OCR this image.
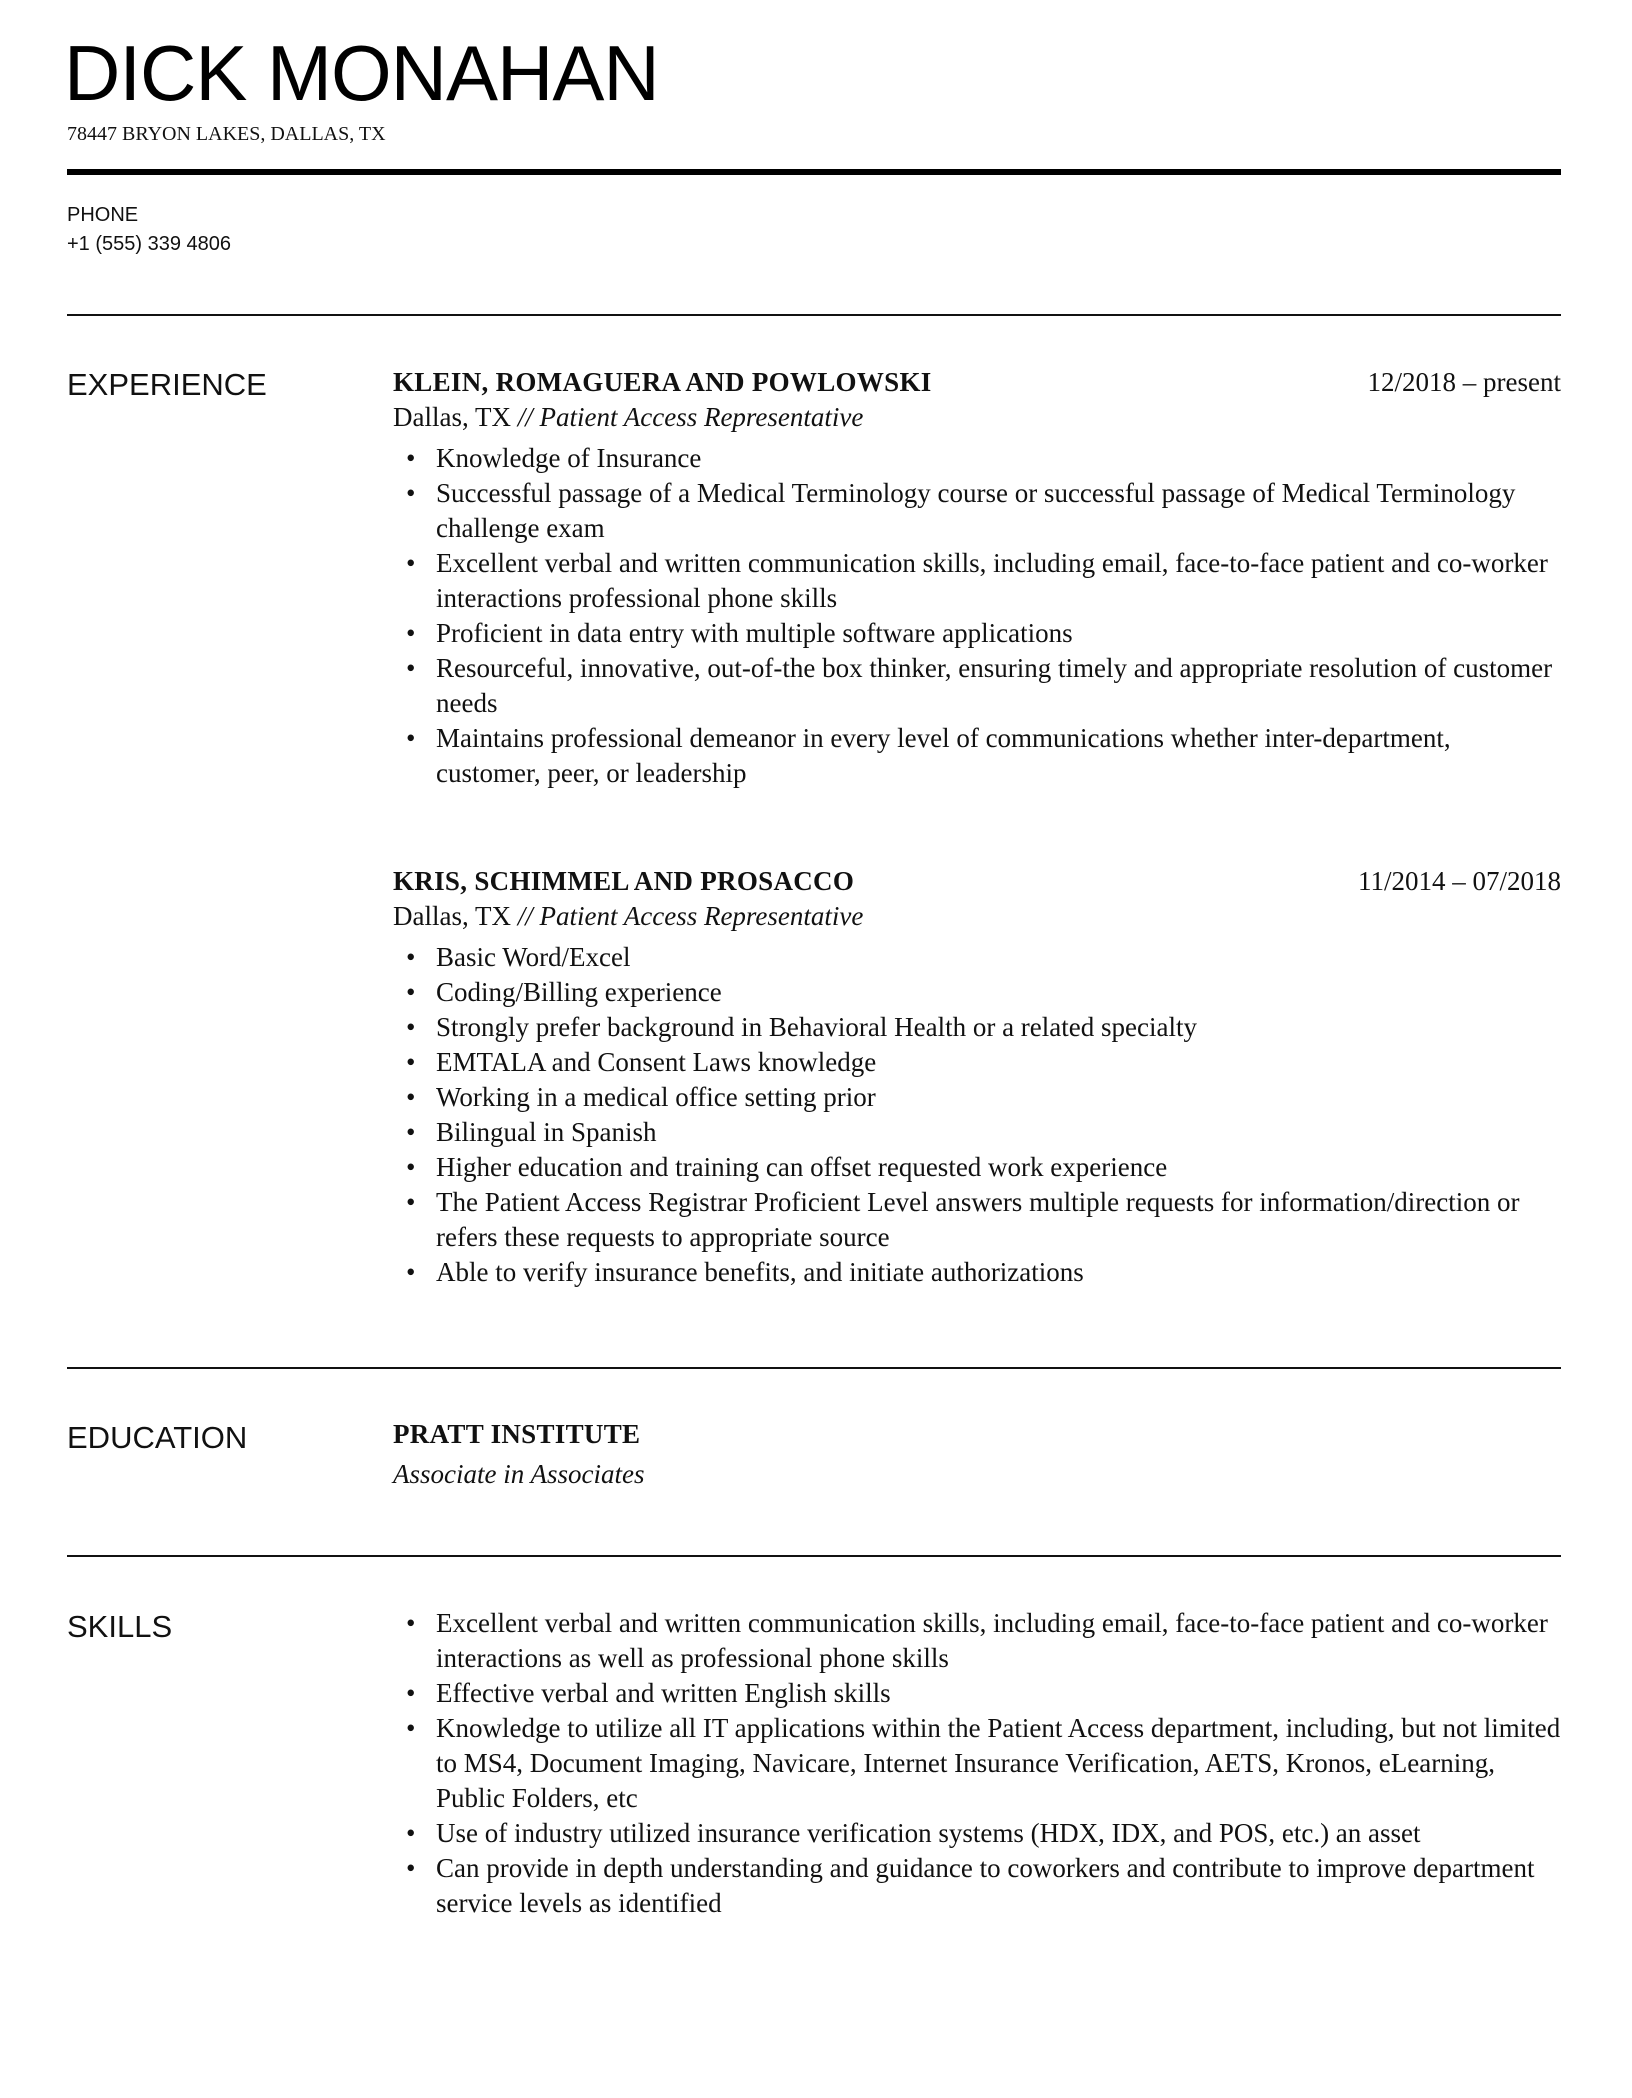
DICK MONAHAN
78447 BRYON LAKES, DALLAS, TX
PHONE
+1 (555) 339 4806
EXPERIENCE	KLEIN, ROMAGUERA AND POWLOWSKI	12/2018 – present
Dallas, TX // Patient Access Representative
• Knowledge of Insurance
• Successful passage of a Medical Terminology course or successful passage of Medical Terminology challenge exam
• Excellent verbal and written communication skills, including email, face-to-face patient and co-worker interactions professional phone skills
• Proficient in data entry with multiple software applications
• Resourceful, innovative, out-of-the box thinker, ensuring timely and appropriate resolution of customer needs
• Maintains professional demeanor in every level of communications whether inter-department, customer, peer, or leadership
KRIS, SCHIMMEL AND PROSACCO	11/2014 – 07/2018
Dallas, TX // Patient Access Representative
• Basic Word/Excel
• Coding/Billing experience
• Strongly prefer background in Behavioral Health or a related specialty
• EMTALA and Consent Laws knowledge
• Working in a medical office setting prior
• Bilingual in Spanish
• Higher education and training can offset requested work experience
• The Patient Access Registrar Proficient Level answers multiple requests for information/direction or refers these requests to appropriate source
• Able to verify insurance benefits, and initiate authorizations
EDUCATION	PRATT INSTITUTE
Associate in Associates
SKILLS	• Excellent verbal and written communication skills, including email, face-to-face patient and co-worker interactions as well as professional phone skills
• Effective verbal and written English skills
• Knowledge to utilize all IT applications within the Patient Access department, including, but not limited to MS4, Document Imaging, Navicare, Internet Insurance Verification, AETS, Kronos, eLearning, Public Folders, etc
• Use of industry utilized insurance verification systems (HDX, IDX, and POS, etc.) an asset
• Can provide in depth understanding and guidance to coworkers and contribute to improve department service levels as identified
